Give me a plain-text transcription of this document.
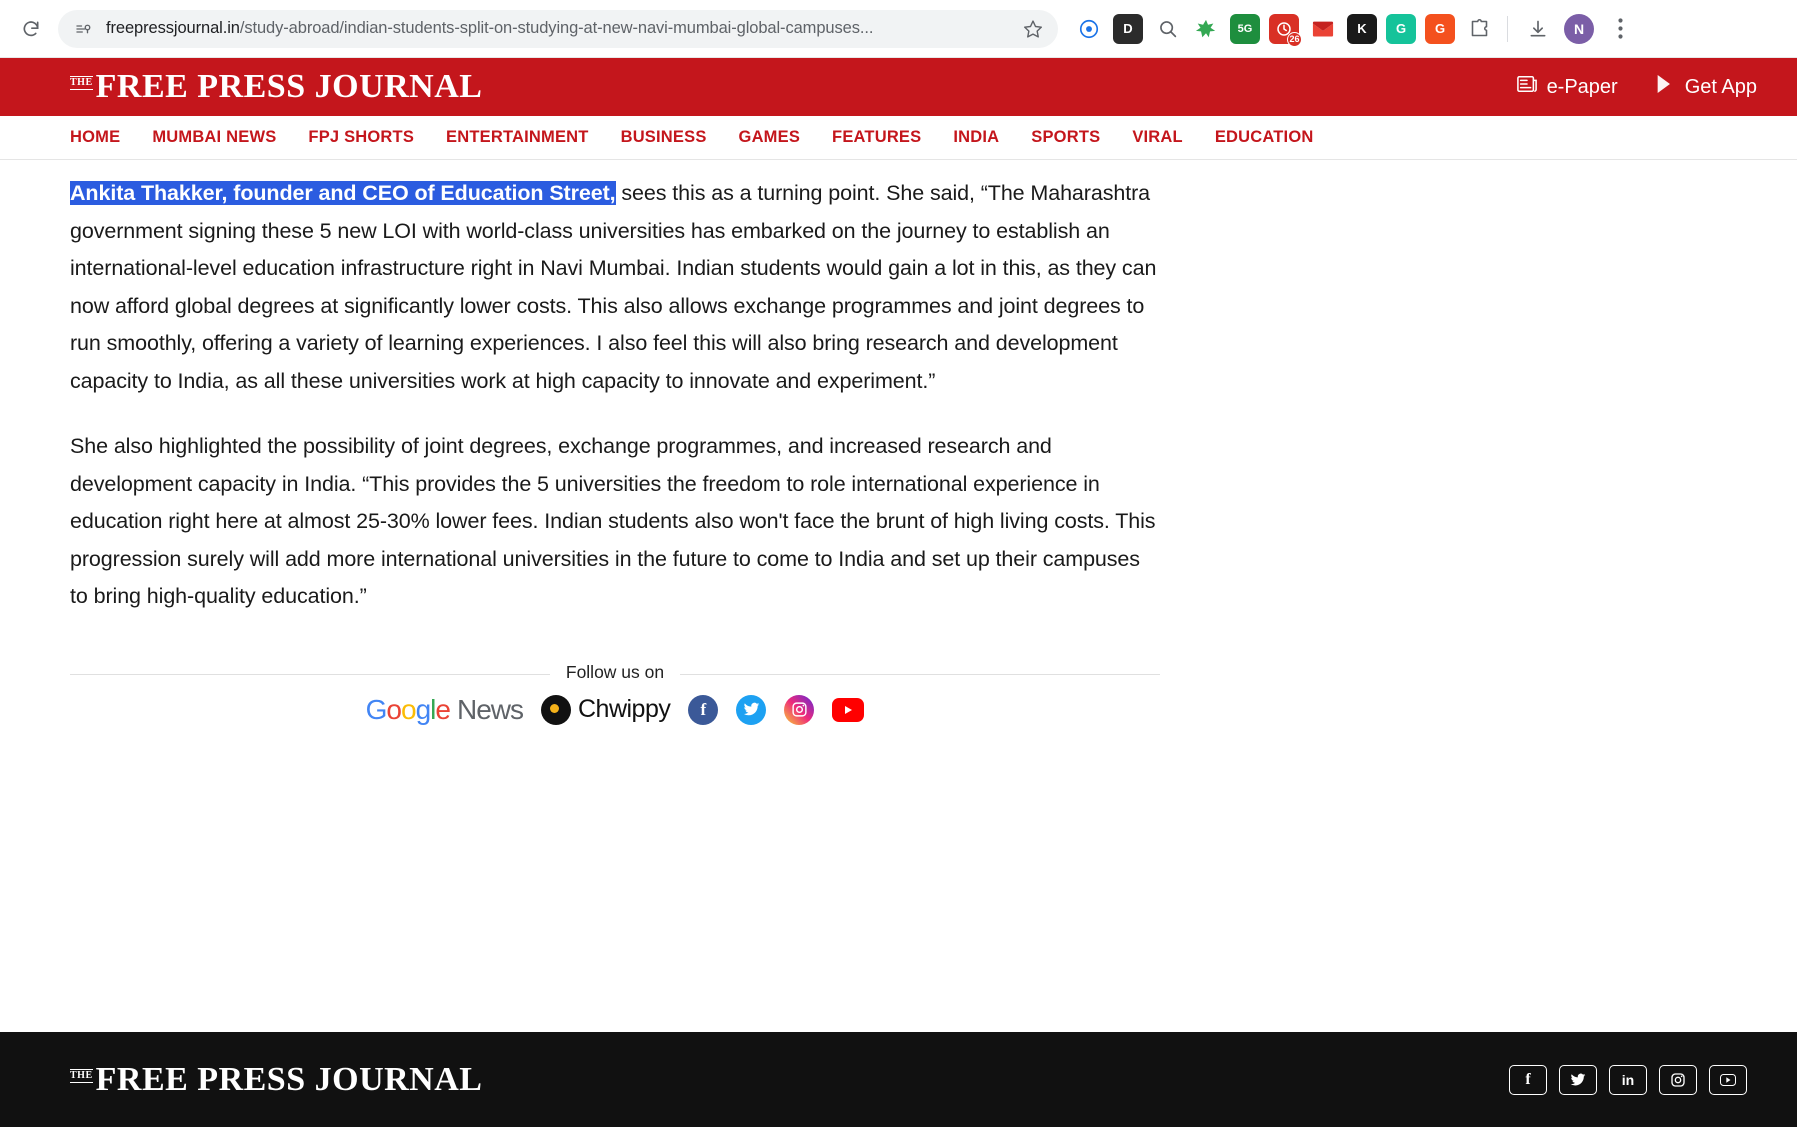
freepressjournal.in/study-abroad/indian-students-split-on-studying-at-new-navi-mumbai-global-campuses...	D	5G
26
K G G	N
THE FREE PRESS JOURNAL	e-Paper	Get App
HOME MUMBAI NEWS FPJ SHORTS ENTERTAINMENT BUSINESS GAMES FEATURES INDIA SPORTS VIRAL EDUCATION

Ankita Thakker, founder and CEO of Education Street, sees this as a turning point. She said, “The Maharashtra government signing these 5 new LOI with world-class universities has embarked on the journey to establish an international-level education infrastructure right in Navi Mumbai. Indian students would gain a lot in this, as they can now afford global degrees at significantly lower costs. This also allows exchange programmes and joint degrees to run smoothly, offering a variety of learning experiences. I also feel this will also bring research and development capacity to India, as all these universities work at high capacity to innovate and experiment.”

She also highlighted the possibility of joint degrees, exchange programmes, and increased research and development capacity in India. “This provides the 5 universities the freedom to role international experience in education right here at almost 25-30% lower fees. Indian students also won't face the brunt of high living costs. This progression surely will add more international universities in the future to come to India and set up their campuses to bring high-quality education.”

Follow us on
G o o g l e News Chwippy f
THE FREE PRESS JOURNAL	f	in
